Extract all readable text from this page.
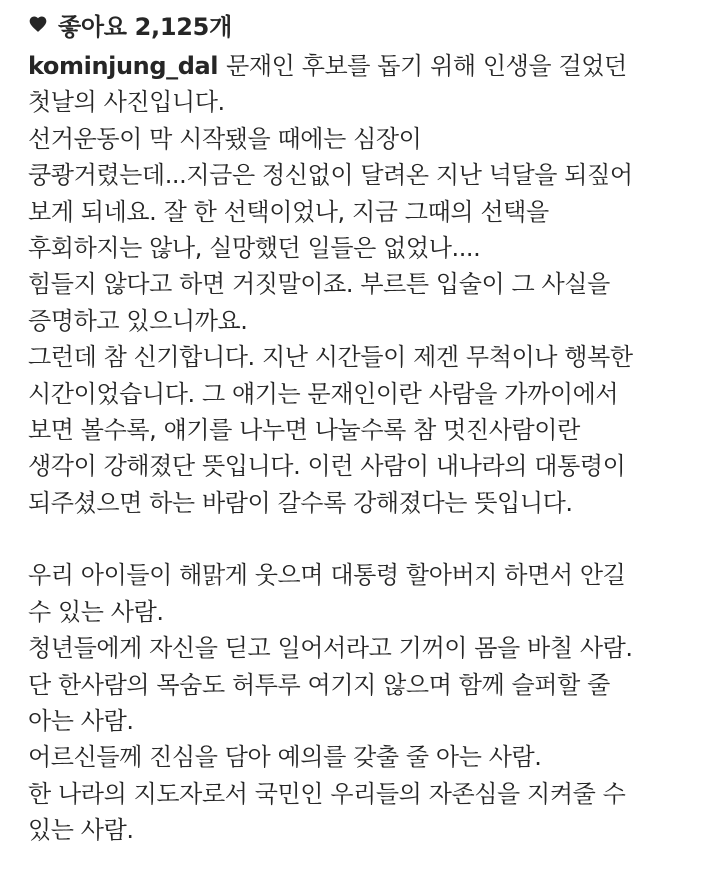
좋아요 2,125개
kominjung_dal 문재인 후보를 돕기 위해 인생을 걸었던
첫날의 사진입니다.
선거운동이 막 시작됐을 때에는 심장이
쿵쾅거렸는데...지금은 정신없이 달려온 지난 넉달을 되짚어
보게 되네요. 잘 한 선택이었나, 지금 그때의 선택을
후회하지는 않나, 실망했던 일들은 없었나....
힘들지 않다고 하면 거짓말이죠. 부르튼 입술이 그 사실을
증명하고 있으니까요.
그런데 참 신기합니다. 지난 시간들이 제겐 무척이나 행복한
시간이었습니다. 그 얘기는 문재인이란 사람을 가까이에서
보면 볼수록, 얘기를 나누면 나눌수록 참 멋진사람이란
생각이 강해졌단 뜻입니다. 이런 사람이 내나라의 대통령이
되주셨으면 하는 바람이 갈수록 강해졌다는 뜻입니다.
우리 아이들이 해맑게 웃으며 대통령 할아버지 하면서 안길
수 있는 사람.
청년들에게 자신을 딛고 일어서라고 기꺼이 몸을 바칠 사람.
단 한사람의 목숨도 허투루 여기지 않으며 함께 슬퍼할 줄
아는 사람.
어르신들께 진심을 담아 예의를 갖출 줄 아는 사람.
한 나라의 지도자로서 국민인 우리들의 자존심을 지켜줄 수
있는 사람.
